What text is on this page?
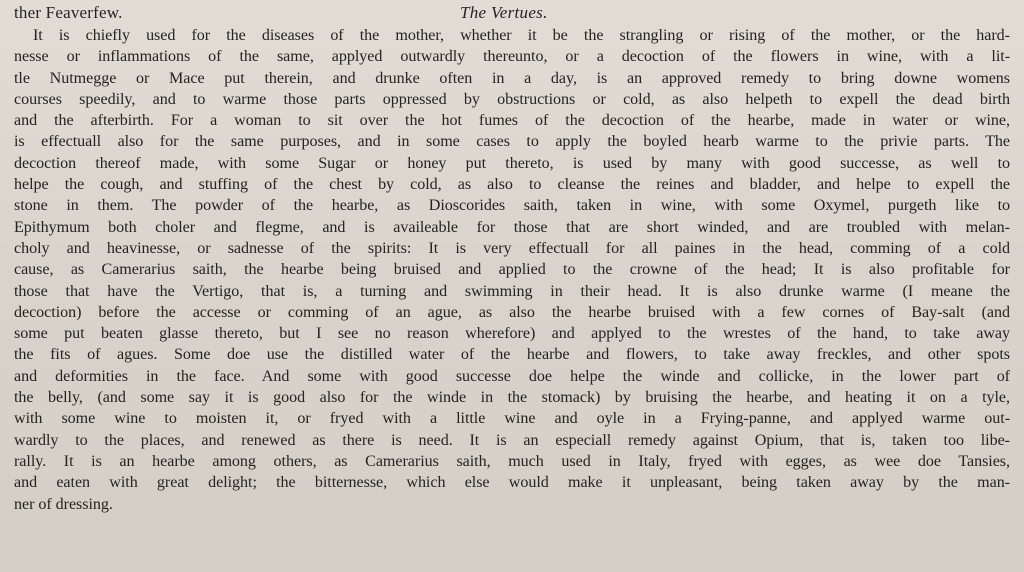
ther Feaverfew.	The Vertues.
It is chiefly used for the diseases of the mother, whether it be the strangling or rising of the mother, or the hard-
nesse or inflammations of the same, applyed outwardly thereunto, or a decoction of the flowers in wine, with a lit-
tle Nutmegge or Mace put therein, and drunke often in a day, is an approved remedy to bring downe womens
courses speedily, and to warme those parts oppressed by obstructions or cold, as also helpeth to expell the dead birth
and the afterbirth. For a woman to sit over the hot fumes of the decoction of the hearbe, made in water or wine,
is effectuall also for the same purposes, and in some cases to apply the boyled hearb warme to the privie parts. The
decoction thereof made, with some Sugar or honey put thereto, is used by many with good successe, as well to
helpe the cough, and stuffing of the chest by cold, as also to cleanse the reines and bladder, and helpe to expell the
stone in them. The powder of the hearbe, as Dioscorides saith, taken in wine, with some Oxymel, purgeth like to
Epithymum both choler and flegme, and is availeable for those that are short winded, and are troubled with melan-
choly and heavinesse, or sadnesse of the spirits: It is very effectuall for all paines in the head, comming of a cold
cause, as Camerarius saith, the hearbe being bruised and applied to the crowne of the head; It is also profitable for
those that have the Vertigo, that is, a turning and swimming in their head. It is also drunke warme (I meane the
decoction) before the accesse or comming of an ague, as also the hearbe bruised with a few cornes of Bay-salt (and
some put beaten glasse thereto, but I see no reason wherefore) and applyed to the wrestes of the hand, to take away
the fits of agues. Some doe use the distilled water of the hearbe and flowers, to take away freckles, and other spots
and deformities in the face. And some with good successe doe helpe the winde and collicke, in the lower part of
the belly, (and some say it is good also for the winde in the stomack) by bruising the hearbe, and heating it on a tyle,
with some wine to moisten it, or fryed with a little wine and oyle in a Frying-panne, and applyed warme out-
wardly to the places, and renewed as there is need. It is an especiall remedy against Opium, that is, taken too libe-
rally. It is an hearbe among others, as Camerarius saith, much used in Italy, fryed with egges, as wee doe Tansies,
and eaten with great delight; the bitternesse, which else would make it unpleasant, being taken away by the man-
ner of dressing.
